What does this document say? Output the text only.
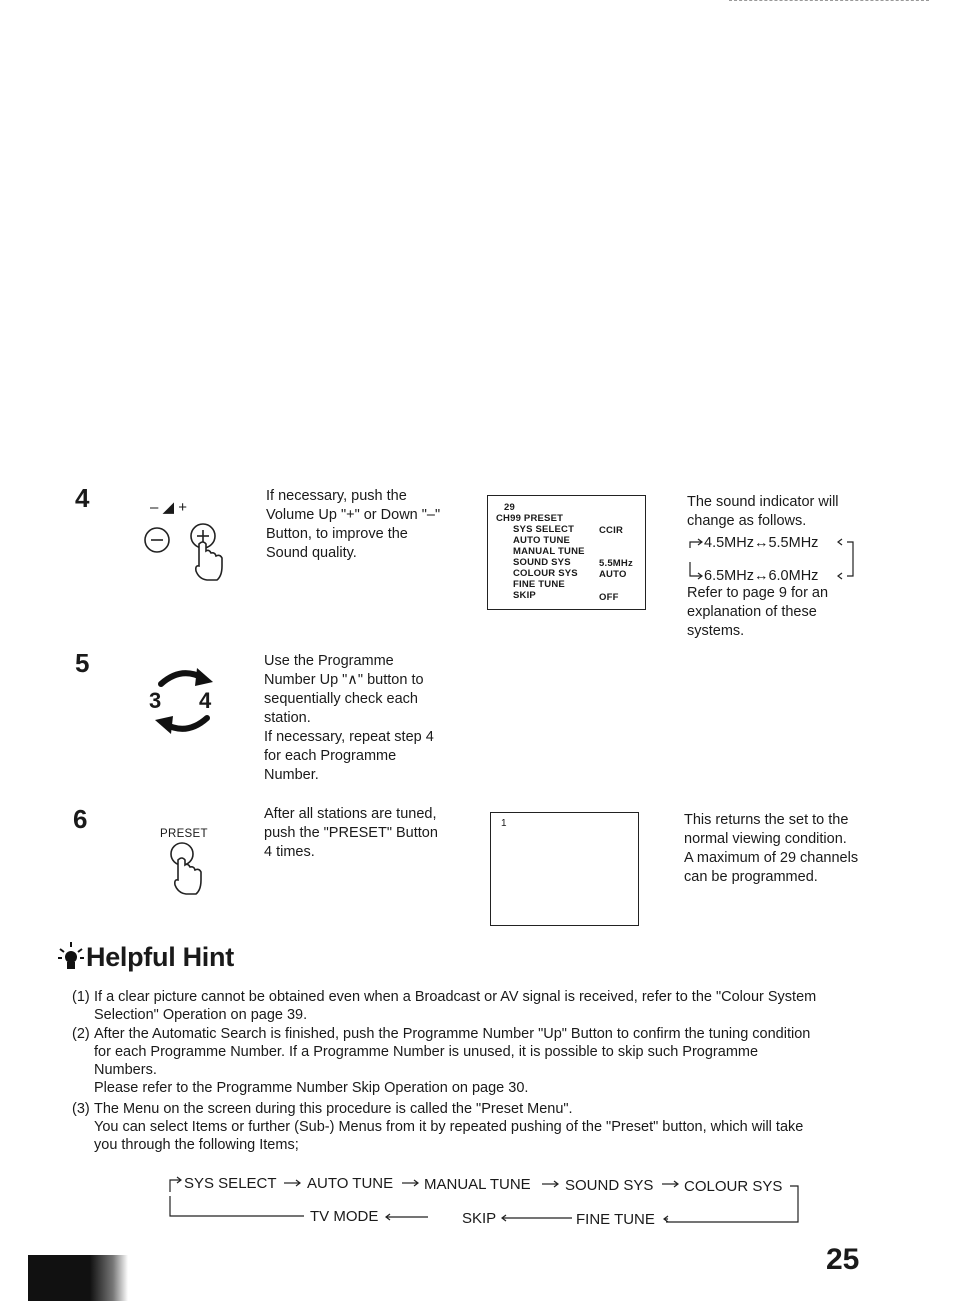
4	– ◢ +
If necessary, push the
Volume Up "+" or Down "–"
Button, to improve the
Sound quality.
29
CH99 PRESET
SYS SELECT	CCIR
AUTO TUNE
MANUAL TUNE
SOUND SYS	5.5MHz
COLOUR SYS AUTO
FINE TUNE
SKIP	OFF
The sound indicator will
change as follows.
4.5MHz↔5.5MHz
6.5MHz↔6.0MHz
Refer to page 9 for an
explanation of these
systems.
5
3 4
Use the Programme
Number Up "∧" button to
sequentially check each
station.
If necessary, repeat step 4
for each Programme
Number.
6	PRESET
After all stations are tuned,
push the "PRESET" Button
4 times.
1	This returns the set to the
normal viewing condition.
A maximum of 29 channels
can be programmed.
Helpful Hint
(1) If a clear picture cannot be obtained even when a Broadcast or AV signal is received, refer to the "Colour System
Selection" Operation on page 39.
(2) After the Automatic Search is finished, push the Programme Number "Up" Button to confirm the tuning condition
for each Programme Number. If a Programme Number is unused, it is possible to skip such Programme
Numbers.
Please refer to the Programme Number Skip Operation on page 30.
(3) The Menu on the screen during this procedure is called the "Preset Menu".
You can select Items or further (Sub-) Menus from it by repeated pushing of the "Preset" button, which will take
you through the following Items;
SYS SELECT AUTO TUNE MANUAL TUNE SOUND SYS COLOUR SYS
TV MODE	SKIP	FINE TUNE
25
